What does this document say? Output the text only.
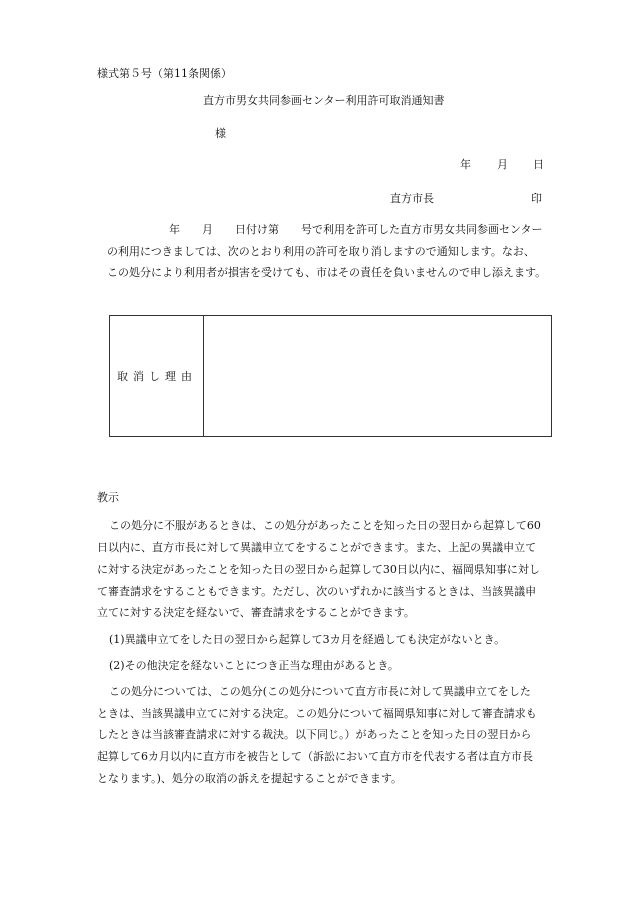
様式第５号（第11条関係）
直方市男女共同参画センター利用許可取消通知書
様
年 月 日
直方市長	印
年　　月　　日付け第　　号で利用を許可した直方市男女共同参画センター
の利用につきましては、次のとおり利用の許可を取り消しますので通知します。なお、
この処分により利用者が損害を受けても、市はその責任を負いませんので申し添えます。
取消し理由
教示
この処分に不服があるときは、この処分があったことを知った日の翌日から起算して60
日以内に、直方市長に対して異議申立てをすることができます。また、上記の異議申立て
に対する決定があったことを知った日の翌日から起算して30日以内に、福岡県知事に対し
て審査請求をすることもできます。ただし、次のいずれかに該当するときは、当該異議申
立てに対する決定を経ないで、審査請求をすることができます。
(1)異議申立てをした日の翌日から起算して3カ月を経過しても決定がないとき。
(2)その他決定を経ないことにつき正当な理由があるとき。
この処分については、この処分(この処分について直方市長に対して異議申立てをした
ときは、当該異議申立てに対する決定。この処分について福岡県知事に対して審査請求も
したときは当該審査請求に対する裁決。以下同じ。）があったことを知った日の翌日から
起算して6カ月以内に直方市を被告として（訴訟において直方市を代表する者は直方市長
となります。)、処分の取消の訴えを提起することができます。
